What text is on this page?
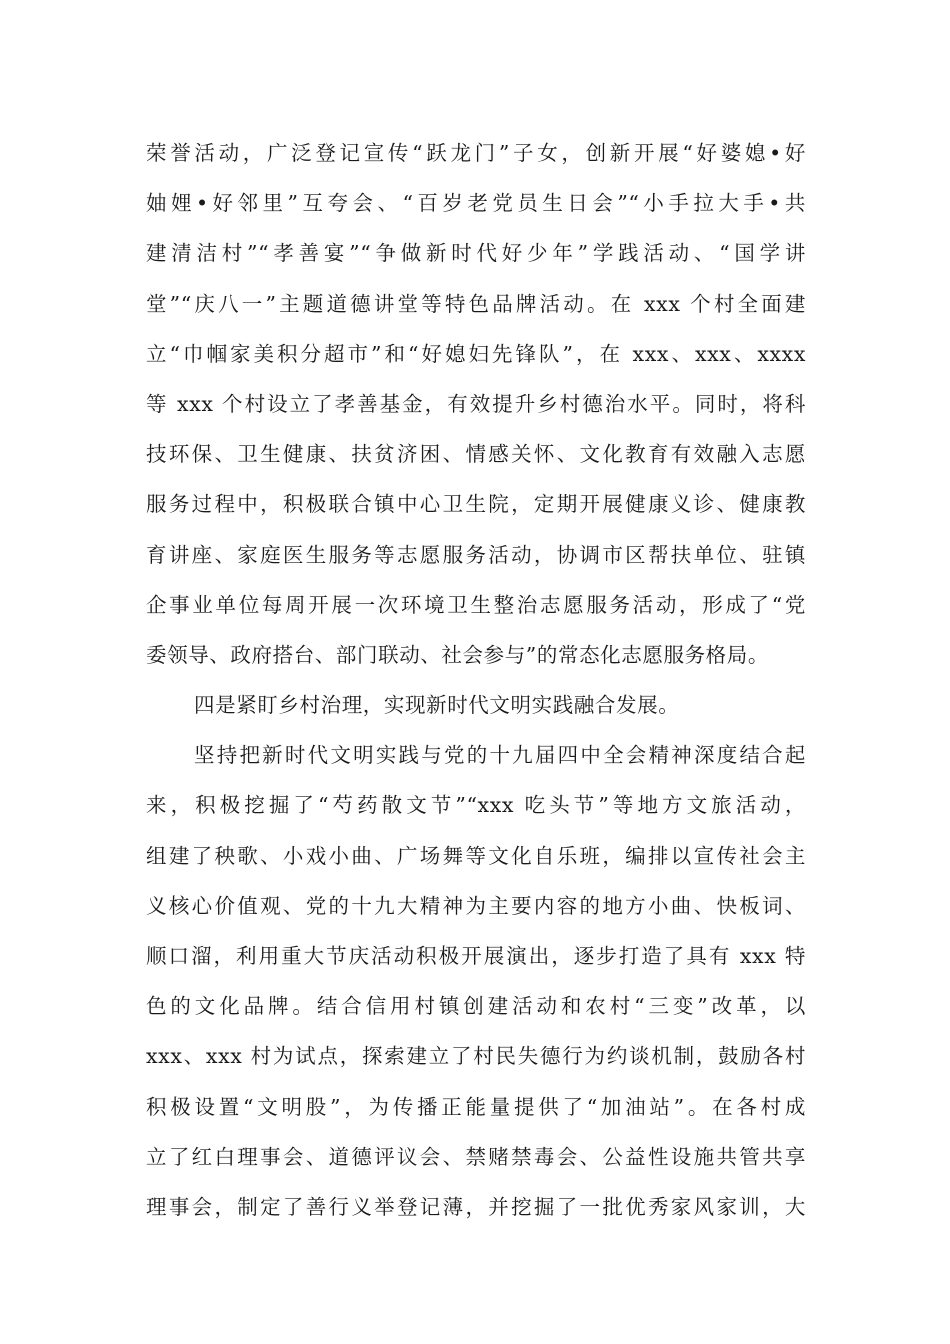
荣誉活动，广泛登记宣传“跃龙门”子女，创新开展“好婆媳•好
妯娌•好邻里”互夸会、“百岁老党员生日会”“小手拉大手•共
建清洁村”“孝善宴”“争做新时代好少年”学践活动、“国学讲
堂”“庆八一”主题道德讲堂等特色品牌活动。在 xxx 个村全面建
立“巾帼家美积分超市”和“好媳妇先锋队”，在 xxx、xxx、xxxx
等 xxx 个村设立了孝善基金，有效提升乡村德治水平。同时，将科
技环保、卫生健康、扶贫济困、情感关怀、文化教育有效融入志愿
服务过程中，积极联合镇中心卫生院，定期开展健康义诊、健康教
育讲座、家庭医生服务等志愿服务活动，协调市区帮扶单位、驻镇
企事业单位每周开展一次环境卫生整治志愿服务活动，形成了“党
委领导、政府搭台、部门联动、社会参与”的常态化志愿服务格局。
四是紧盯乡村治理，实现新时代文明实践融合发展。
坚持把新时代文明实践与党的十九届四中全会精神深度结合起
来，积极挖掘了“芍药散文节”“xxx 吃头节”等地方文旅活动，
组建了秧歌、小戏小曲、广场舞等文化自乐班，编排以宣传社会主
义核心价值观、党的十九大精神为主要内容的地方小曲、快板词、
顺口溜，利用重大节庆活动积极开展演出，逐步打造了具有 xxx 特
色的文化品牌。结合信用村镇创建活动和农村“三变”改革，以
xxx、xxx 村为试点，探索建立了村民失德行为约谈机制，鼓励各村
积极设置“文明股”，为传播正能量提供了“加油站”。在各村成
立了红白理事会、道德评议会、禁赌禁毒会、公益性设施共管共享
理事会，制定了善行义举登记薄，并挖掘了一批优秀家风家训，大
